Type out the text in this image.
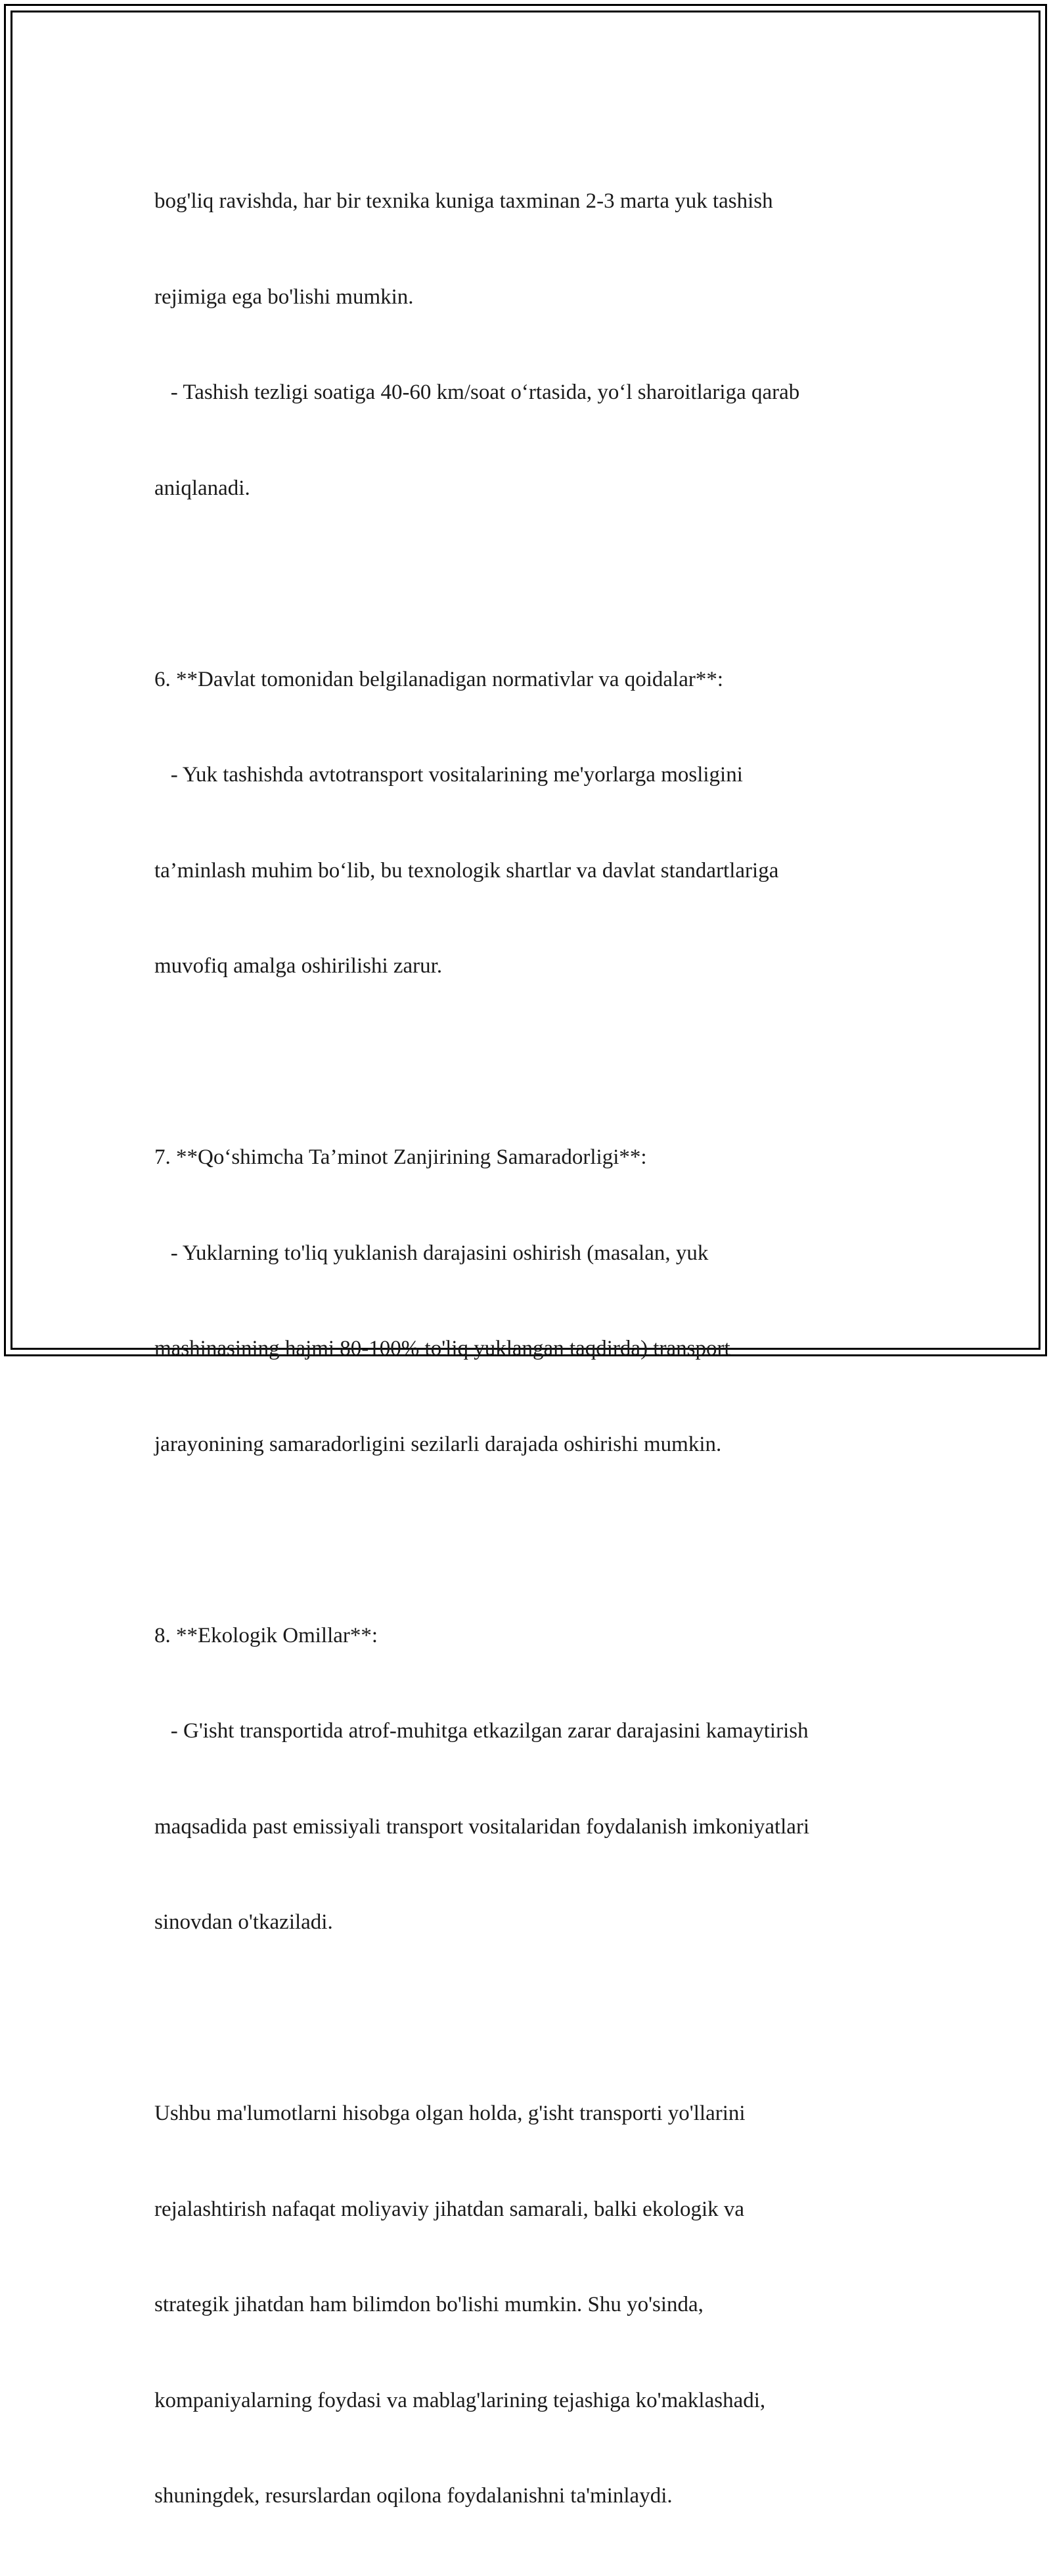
bog'liq ravishda, har bir texnika kuniga taxminan 2-3 marta yuk tashish

rejimiga ega bo'lishi mumkin.

- Tashish tezligi soatiga 40-60 km/soat o‘rtasida, yo‘l sharoitlariga qarab

aniqlanadi.

6. **Davlat tomonidan belgilanadigan normativlar va qoidalar**:

- Yuk tashishda avtotransport vositalarining me'yorlarga mosligini

ta’minlash muhim bo‘lib, bu texnologik shartlar va davlat standartlariga

muvofiq amalga oshirilishi zarur.

7. **Qo‘shimcha Ta’minot Zanjirining Samaradorligi**:

- Yuklarning to'liq yuklanish darajasini oshirish (masalan, yuk

mashinasining hajmi 80-100% to'liq yuklangan taqdirda) transport

jarayonining samaradorligini sezilarli darajada oshirishi mumkin.

8. **Ekologik Omillar**:

- G'isht transportida atrof-muhitga etkazilgan zarar darajasini kamaytirish

maqsadida past emissiyali transport vositalaridan foydalanish imkoniyatlari

sinovdan o'tkaziladi.

Ushbu ma'lumotlarni hisobga olgan holda, g'isht transporti yo'llarini

rejalashtirish nafaqat moliyaviy jihatdan samarali, balki ekologik va

strategik jihatdan ham bilimdon bo'lishi mumkin. Shu yo'sinda,

kompaniyalarning foydasi va mablag'larining tejashiga ko'maklashadi,

shuningdek, resurslardan oqilona foydalanishni ta'minlaydi.
